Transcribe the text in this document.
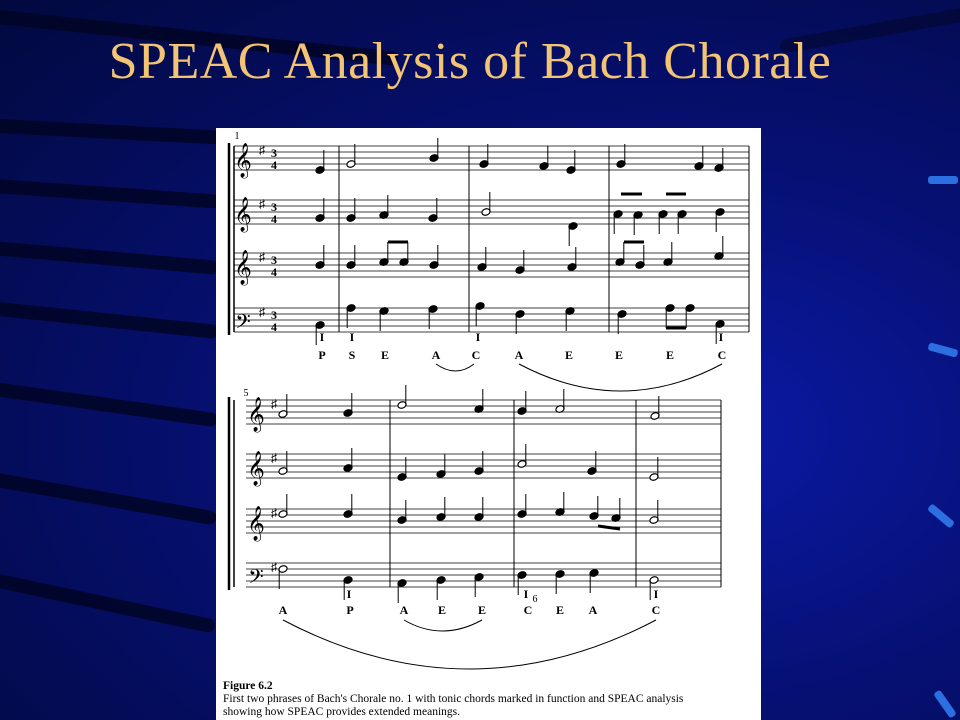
SPEAC Analysis of Bach Chorale
1
𝄞 ♯ 3
4
𝄞 ♯ 3
4
𝄞 ♯ 3
4
𝄢 ♯ 3
4
I I	I	I
P S E	A	C	A	E	E	E	C
5
𝄞 ♯
𝄞 ♯
𝄞 ♯
𝄢 ♯
I	I	I
6
A	P	A E	E	C E A	C
Figure 6.2
First two phrases of Bach's Chorale no. 1 with tonic chords marked in function and SPEAC analysis
showing how SPEAC provides extended meanings.
